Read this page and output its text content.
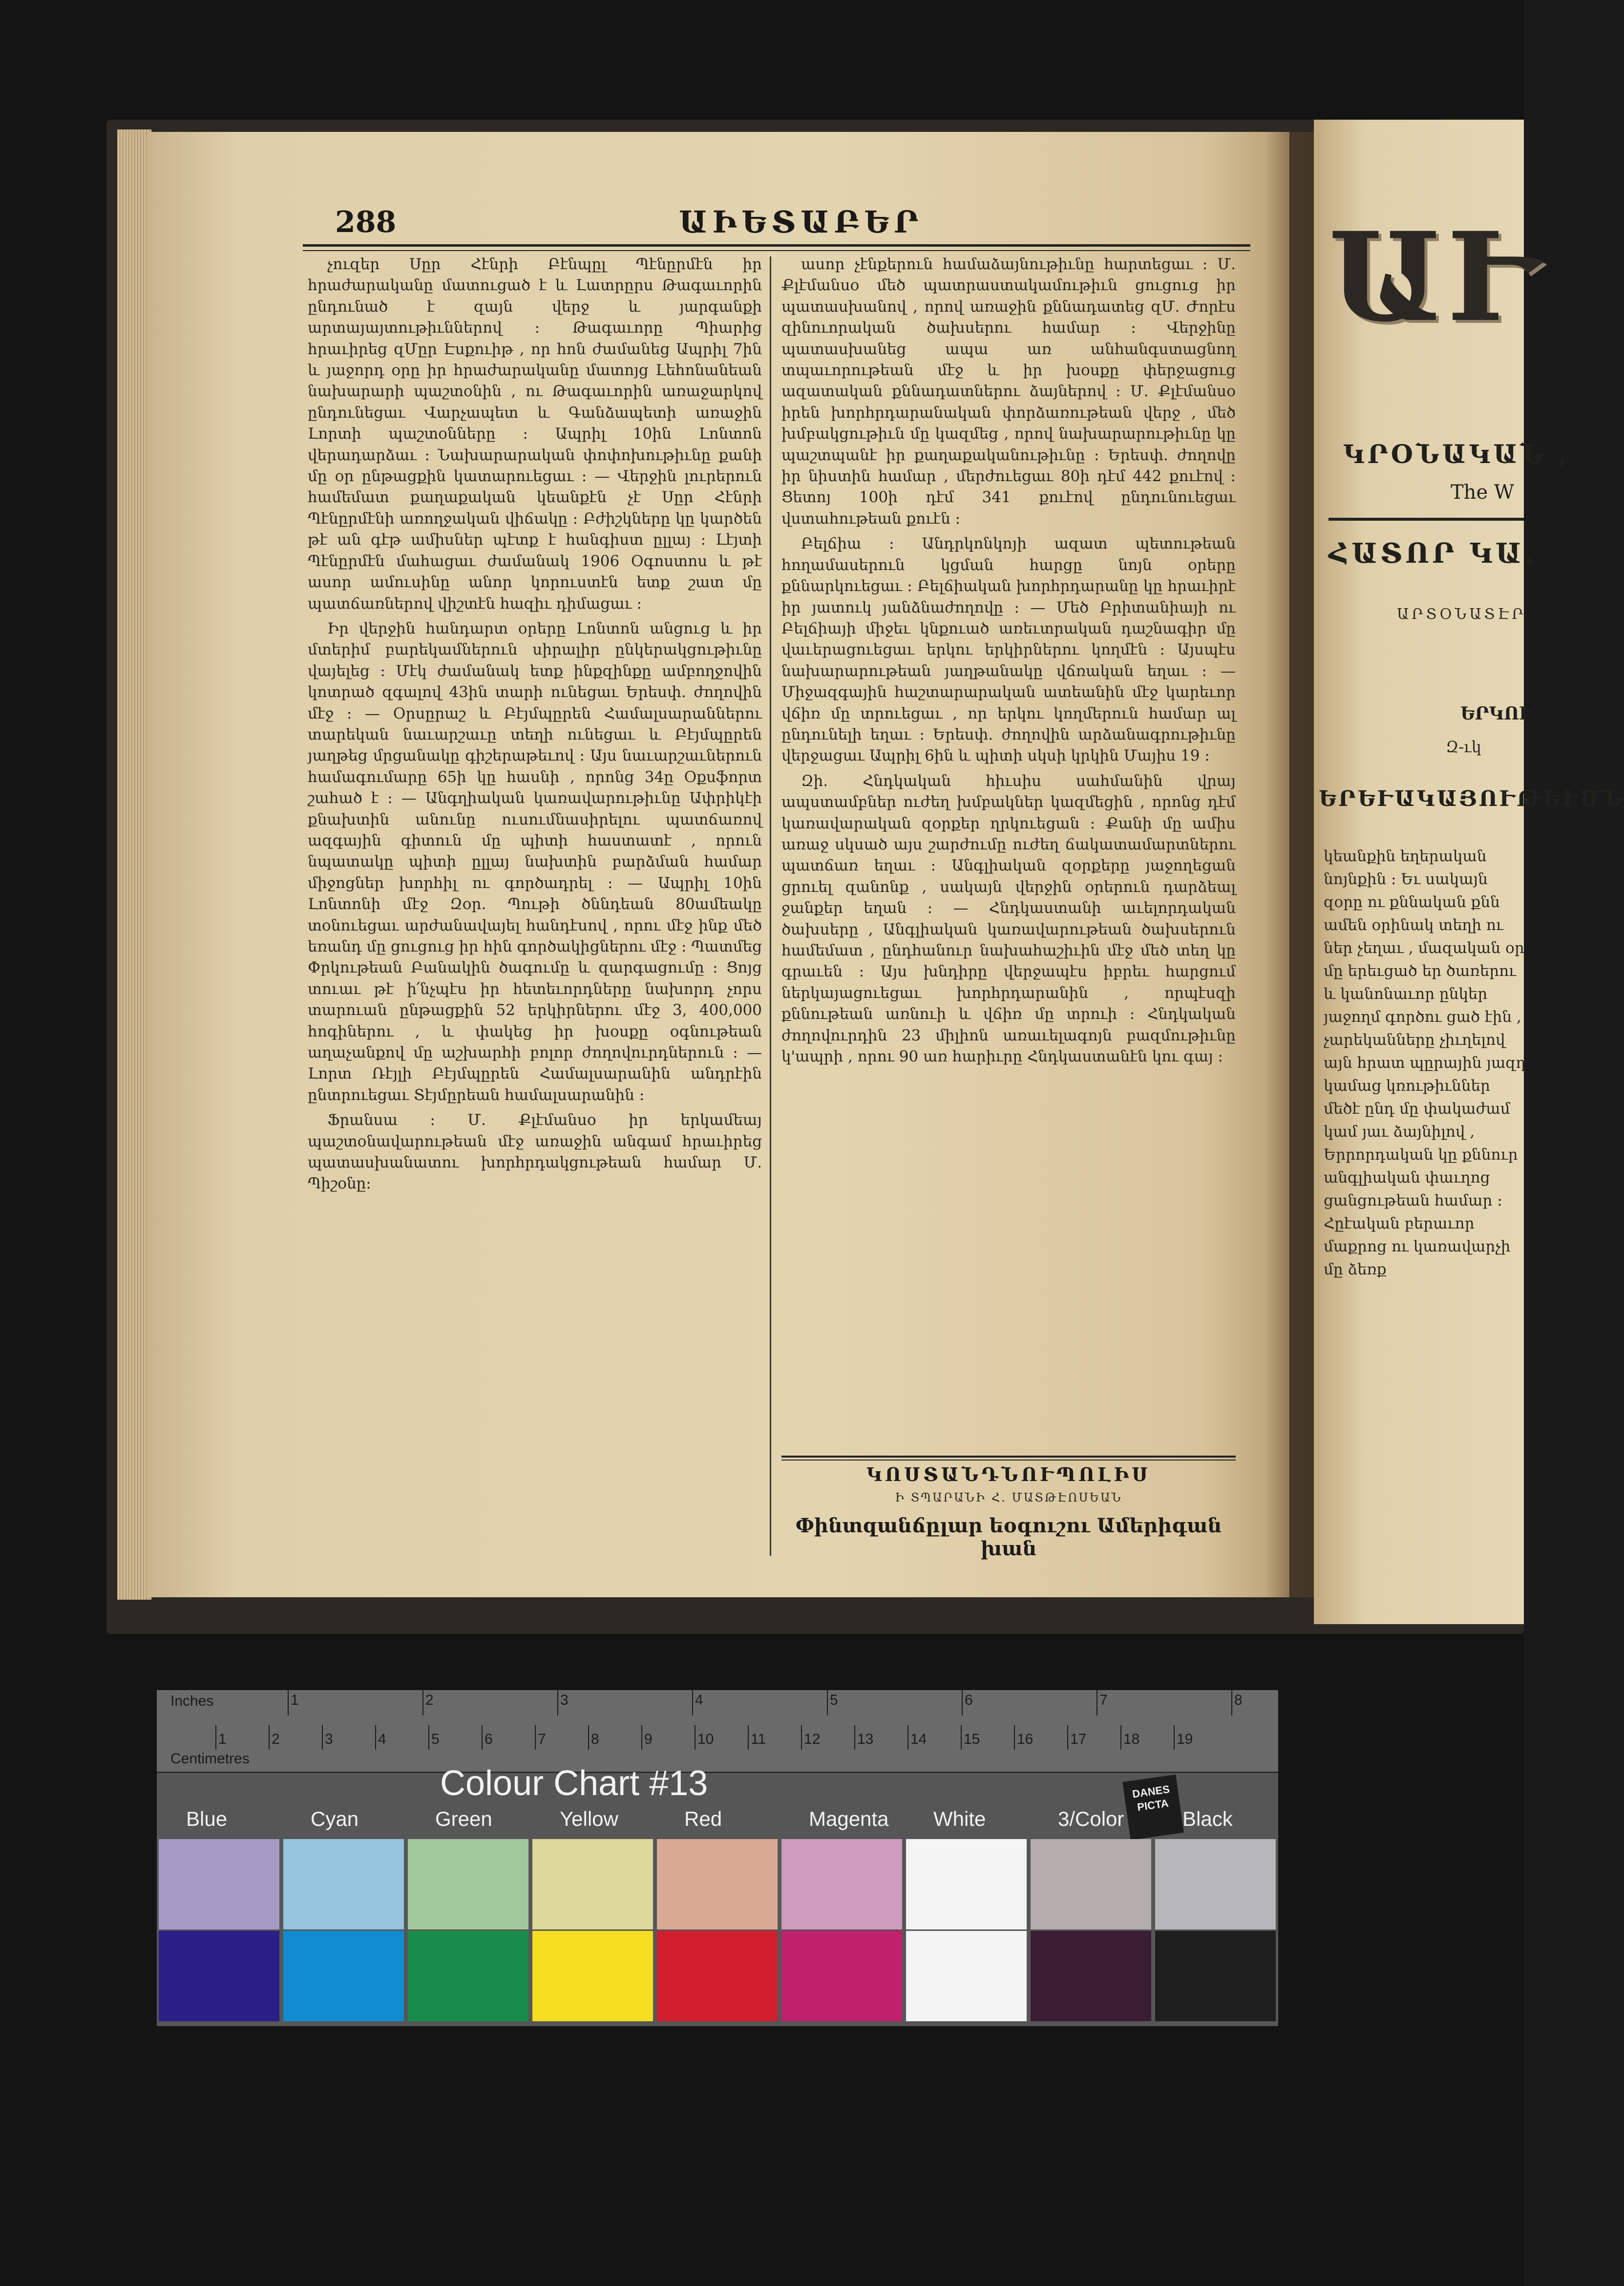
288	ԱԻԵՏԱԲԵՐ

չուզեր Սըր Հէնրի Բէնպըլ Պէնըրմէն իր հրաժարականը մատուցած է և Լատրըրս Թագաւորին ընդունած է զայն վերջ և յարգանքի արտայայտութիւններով ։ Թագաւորը Պիարից հրաւիրեց զՄըր Էսքուիթ , որ հոն ժամանեց Ապրիլ 7ին և յաջորդ օրը իր հրաժարականը մատոյց Լեհոնանեան նախարարի պաշտօնին , ու Թագաւորին առաջարկով ընդունեցաւ Վարչապետ և Գանձապետի առաջին Լորտի պաշտօնները ։ Ապրիլ 10ին Լոնտոն վերադարձաւ ։ Նախարարական փոփոխութիւնը քանի մը օր ընթացքին կատարուեցաւ ։ — Վերջին լուրերուն համեմատ քաղաքական կեանքէն չէ Սըր Հէնրի Պէնըրմէնի առողջական վիճակը ։ Բժիշկները կը կարծեն թէ ան գէթ ամիսներ պէտք է հանգիստ ըլլայ : Լէյտի Պէնըրմէն մահացաւ ժամանակ 1906 Օգոստոս և թէ ասոր ամուսինը անոր կորուստէն ետք շատ մը պատճառներով վիշտէն հազիւ դիմացաւ ։

Իր վերջին հանդարտ օրերը Լոնտոն անցուց և իր մտերիմ բարեկամներուն սիրալիր ընկերակցութիւնը վայելեց ։ Մէկ ժամանակ ետք ինքզինքը ամբողջովին կոտրած զգալով 43ին տարի ունեցաւ Երեսփ. ժողովին մէջ ։ — Օրսըրաշ և Բէյմպըրեն Համալսարաններու տարեկան նաւարշաւը տեղի ունեցաւ և Բէյմպըրեն յաղթեց մրցանակը գիշերաթեւով ։ Այս նաւարշաւներուն համագումարը 65ի կը հասնի , որոնց 34ը Օքսֆորտ շահած է ։ — Անգղիական կառավարութիւնը Ափրիկէի քնախտին անունը ուսումնասիրելու պատճառով ազգային գիտուն մը պիտի հաստատէ , որուն նպատակը պիտի ըլլայ նախտին բարձման համար միջոցներ խորհիլ ու գործադրել ։ — Ապրիլ 10ին Լոնտոնի մէջ Զօր. Պութի ծննդեան 80ամեակը տօնուեցաւ արժանավայել հանդէսով , որու մէջ ինք մեծ եռանդ մը ցուցուց իր հին գործակիցներու մէջ ։ Պատմեց Փրկութեան Բանակին ծագումը և զարգացումը ։ Ցոյց տուաւ թէ ի՛նչպէս իր հետեւորդները նախորդ չորս տարուան ընթացքին 52 երկիրներու մէջ 3, 400,000 հոգիներու , և փակեց իր խօսքը օգնութեան աղաչանքով մը աշխարհի բոլոր ժողովուրդներուն ։ — Լորտ Ռէյլի Բէյմպըրեն Համալսարանին անդրէին ընտրուեցաւ Տէյմըրեան համալսարանին ։

Ֆրանսա ։ Մ. Քլէմանսօ իր երկամեայ պաշտօնավարութեան մէջ առաջին անգամ հրաւիրեց պատասխանատու խորհրդակցութեան համար Մ. Պիշօնը։

ասոր չէնքերուն համաձայնութիւնը հարտեցաւ ։ Մ. Քլէմանսօ մեծ պատրաստակամութիւն ցուցուց իր պատասխանով , որով առաջին քննադատեց զՄ. Ժորէս զինուորական ծախսերու համար ։ Վերջինը պատասխանեց ապա առ անհանգստացնող տպաւորութեան մէջ և իր խօսքը փերջացուց ազատական քննադատներու ձայներով ։ Մ. Քլէմանսօ իրեն խորհրդարանական փորձառութեան վերջ , մեծ խմբակցութիւն մը կազմեց , որով նախարարութիւնը կը պաշտպանէ իր քաղաքականութիւնը ։ Երեսփ. ժողովը իր նիստին համար , մերժուեցաւ 80ի դէմ 442 քուէով ։ Ցետոյ 100ի դէմ 341 քուէով ընդունուեցաւ վստահութեան քուէն ։

Բելճիա ։ Անդրկոնկոյի ազատ պետութեան հողամասերուն կցման հարցը նոյն օրերը քննարկուեցաւ ։ Բելճիական խորհրդարանը կը հրաւիրէ իր յատուկ յանձնաժողովը ։ — Մեծ Բրիտանիայի ու Բելճիայի միջեւ կնքուած առեւտրական դաշնագիր մը վաւերացուեցաւ երկու երկիրներու կողմէն ։ Այսպէս նախարարութեան յաղթանակը վճռական եղաւ ։ — Միջազգային հաշտարարական ատեանին մէջ կարեւոր վճիռ մը տրուեցաւ , որ երկու կողմերուն համար ալ ընդունելի եղաւ ։ Երեսփ. ժողովին արձանագրութիւնը վերջացաւ Ապրիլ 6ին և պիտի սկսի կրկին Մայիս 19 ։

Զի. Հնդկական հիւսիս սահմանին վրայ ապստամբներ ուժեղ խմբակներ կազմեցին , որոնց դէմ կառավարական զօրքեր ղրկուեցան ։ Քանի մը ամիս առաջ սկսած այս շարժումը ուժեղ ճակատամարտներու պատճառ եղաւ ։ Անգլիական զօրքերը յաջողեցան ցրուել զանոնք , սակայն վերջին օրերուն դարձեալ ջանքեր եղան ։ — Հնդկաստանի աւելորդական ծախսերը , Անգլիական կառավարութեան ծախսերուն համեմատ , ընդհանուր նախահաշիւին մէջ մեծ տեղ կը գրաւեն ։ Այս խնդիրը վերջապէս իբրեւ հարցում ներկայացուեցաւ խորհրդարանին , որպէսզի քննութեան առնուի և վճիռ մը տրուի ։ Հնդկական ժողովուրդին 23 միլիոն առաւելագոյն բազմութիւնը կ'ապրի , որու 90 առ հարիւրը Հնդկաստանէն կու գայ ։

ԿՈՍՏԱՆԴՆՈՒՊՈԼԻՍ
Ի ՏՊԱՐԱՆԻ Հ. ՄԱՏԹԷՈՍԵԱՆ
Փինտզանճըլար եօգուշու Ամերիգան խան
ԱՒ
ԿՐՕՆԱԿԱՆ ,
The W
ՀԱՏՈՐ ԿԱ.
ԱՐՏՕՆԱՏԷՐ
ԵՐԿՈՒ
Զ-ւկ
ԵՐԵՒԱԿԱՅՈՒԹԵՒՄՆ
կեանքին եղերական նոյնքին ։ Եւ սակայն զօրը ու քննական քնն ամեն օրինակ տեղի ու ներ չեղաւ , մազական օր մը երեւցած եր ծառերու և կանոնաւոր ընկեր յաջողմ գործու ցած էին , չարեկանները չիւղելով այն հրատ պըրային յազդ կամաց կռութիւններ մեծէ ընդ մը փակաժամ կամ յաւ ձայնիլով , Երրորդական կը քննուր անգլիական փաւղոց ցանցութեան համար ։ Հըէական բերաւոր մաքրոց ու կառավարչի մը ձեռք
Inches
Centimetres
1	2	3	4	5	6	7	8
1	2	3	4	5	6	7	8	9	10	11	12	13	14	15	16	17	18	19
Colour Chart #13	DANES PICTA
Blue	Cyan	Green	Yellow	Red	Magenta White	3/Color	Black
